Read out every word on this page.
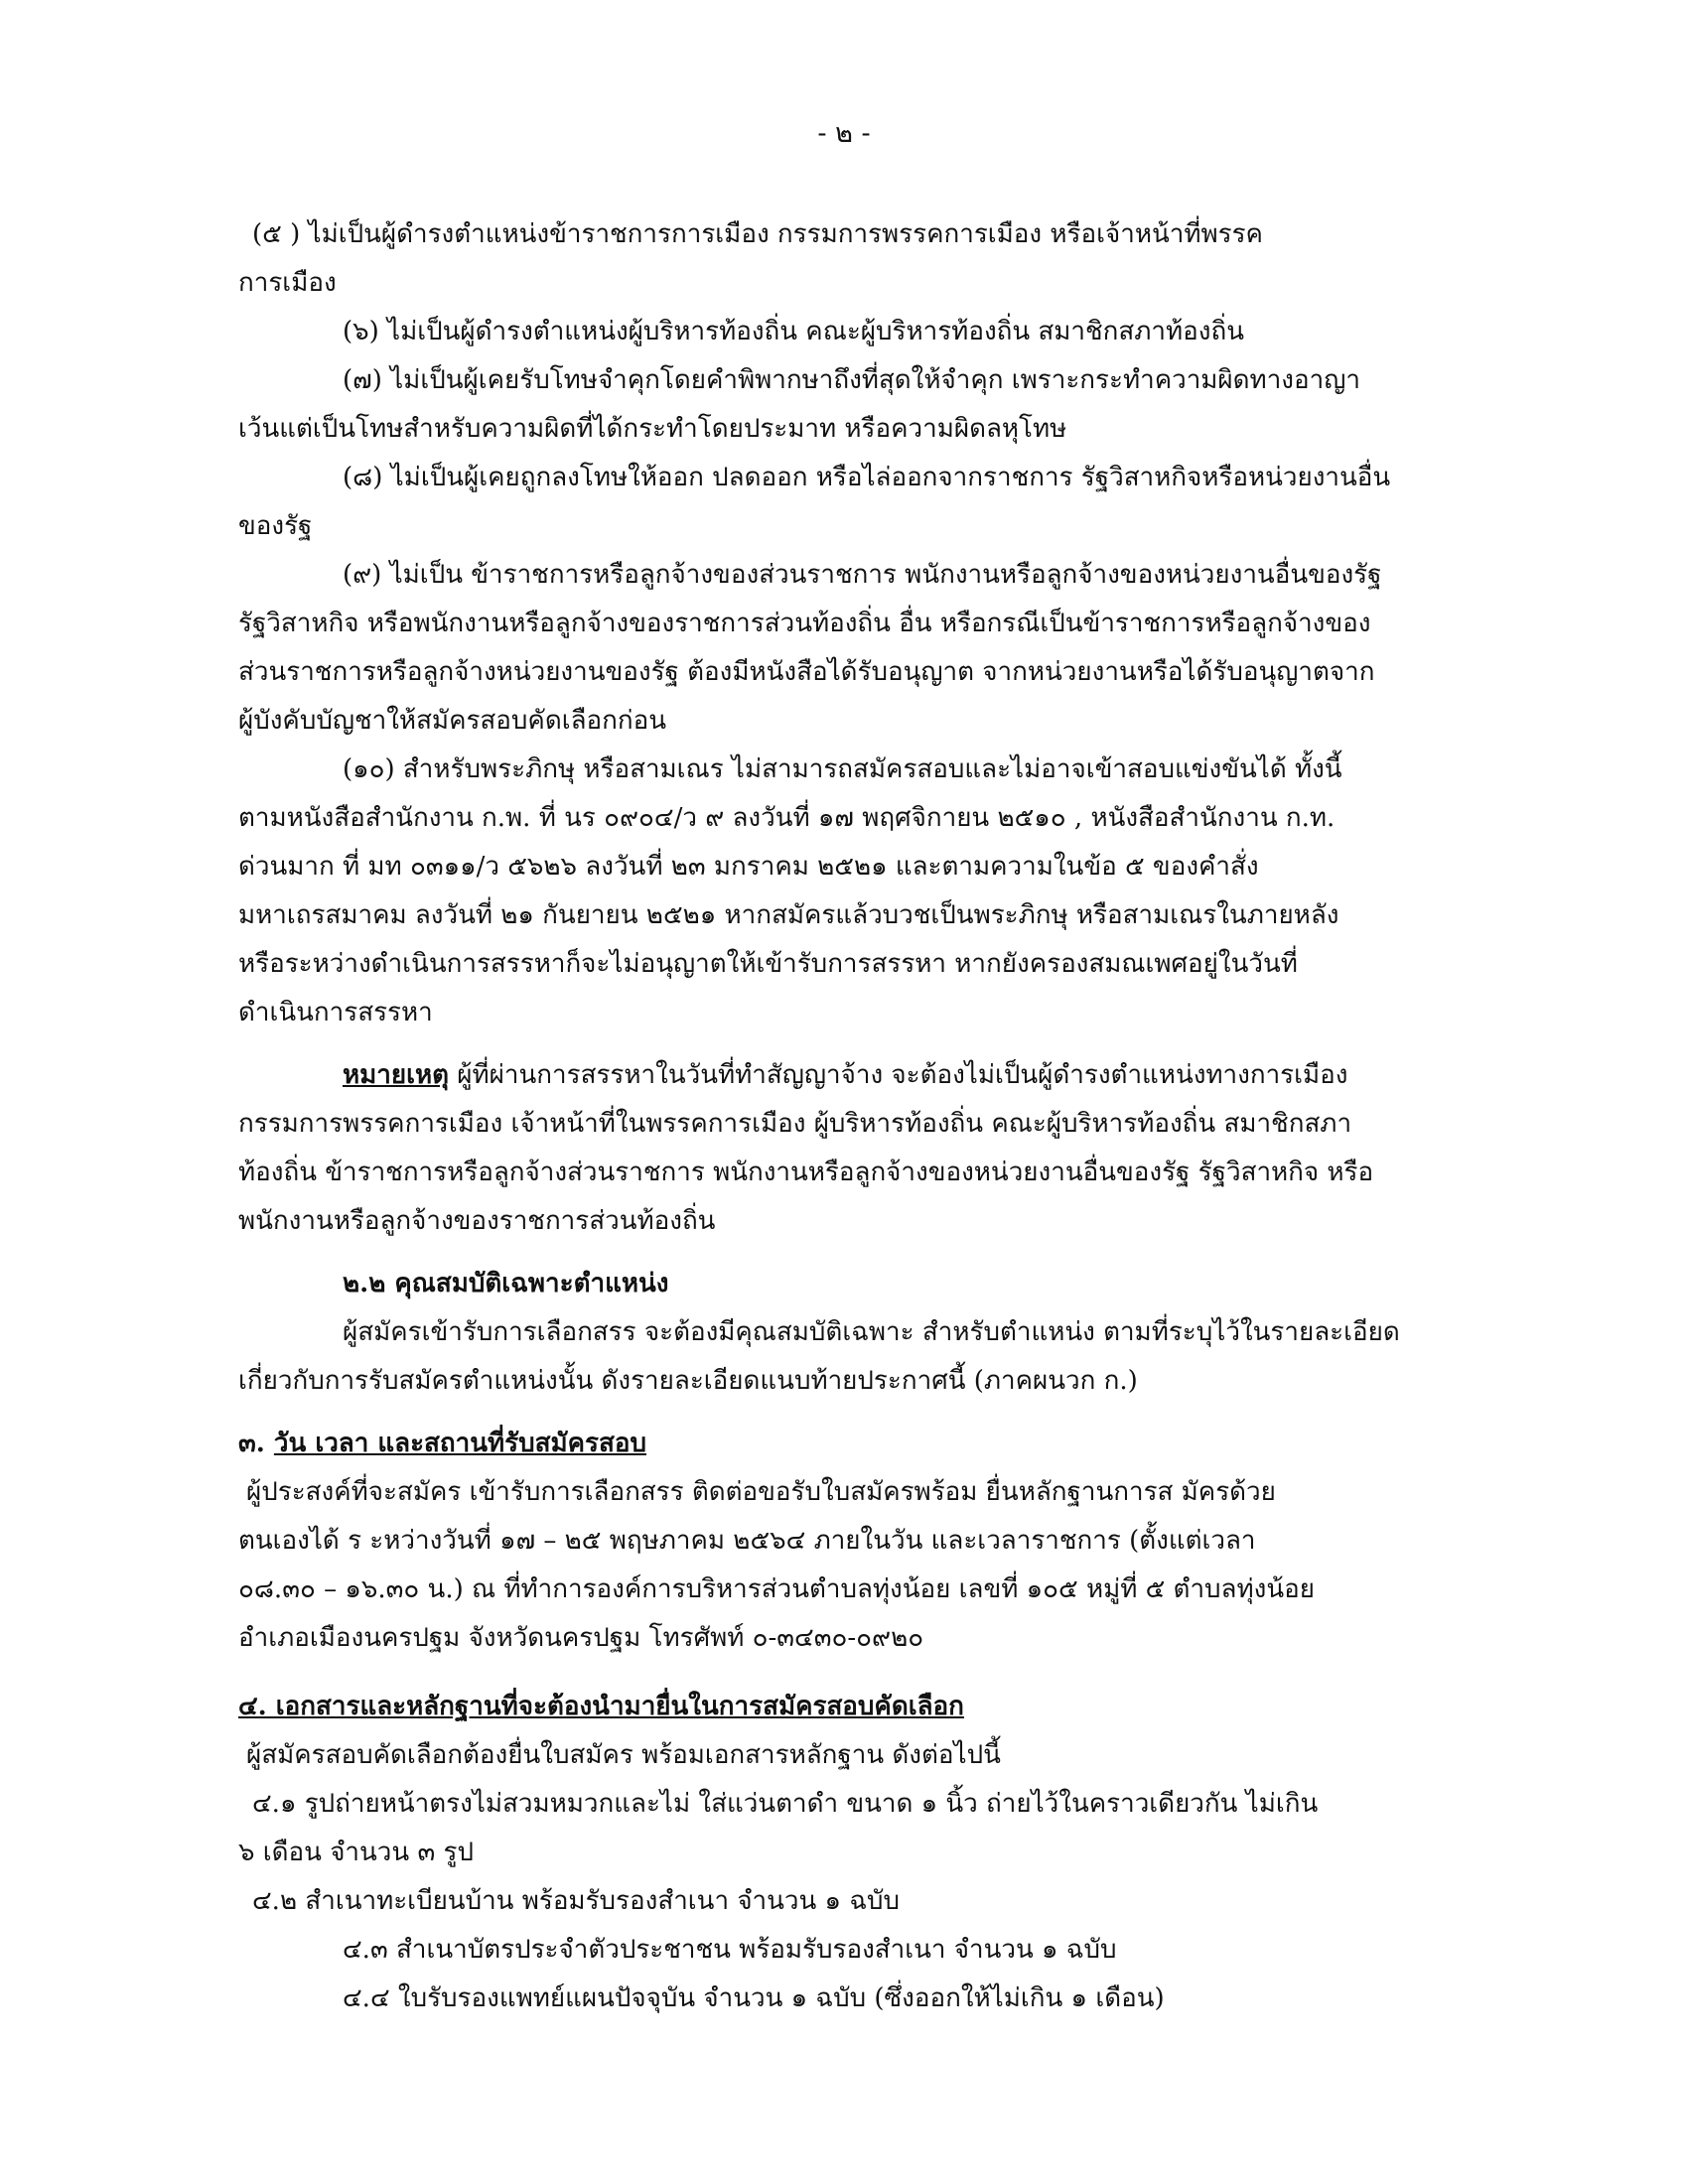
- ๒ -
(๕ ) ไม่เป็นผู้ดำรงตำแหน่งข้าราชการการเมือง กรรมการพรรคการเมือง หรือเจ้าหน้าที่พรรค
การเมือง
(๖) ไม่เป็นผู้ดำรงตำแหน่งผู้บริหารท้องถิ่น คณะผู้บริหารท้องถิ่น สมาชิกสภาท้องถิ่น
(๗) ไม่เป็นผู้เคยรับโทษจำคุกโดยคำพิพากษาถึงที่สุดให้จำคุก เพราะกระทำความผิดทางอาญา
เว้นแต่เป็นโทษสำหรับความผิดที่ได้กระทำโดยประมาท หรือความผิดลหุโทษ
(๘) ไม่เป็นผู้เคยถูกลงโทษให้ออก ปลดออก หรือไล่ออกจากราชการ รัฐวิสาหกิจหรือหน่วยงานอื่น
ของรัฐ
(๙) ไม่เป็น ข้าราชการหรือลูกจ้างของส่วนราชการ พนักงานหรือลูกจ้างของหน่วยงานอื่นของรัฐ
รัฐวิสาหกิจ หรือพนักงานหรือลูกจ้างของราชการส่วนท้องถิ่น อื่น หรือกรณีเป็นข้าราชการหรือลูกจ้างของ
ส่วนราชการหรือลูกจ้างหน่วยงานของรัฐ ต้องมีหนังสือได้รับอนุญาต จากหน่วยงานหรือได้รับอนุญาตจาก
ผู้บังคับบัญชาให้สมัครสอบคัดเลือกก่อน
(๑๐) สำหรับพระภิกษุ หรือสามเณร ไม่สามารถสมัครสอบและไม่อาจเข้าสอบแข่งขันได้ ทั้งนี้
ตามหนังสือสำนักงาน ก.พ. ที่ นร ๐๙๐๔/ว ๙ ลงวันที่ ๑๗ พฤศจิกายน ๒๕๑๐ , หนังสือสำนักงาน ก.ท.
ด่วนมาก ที่ มท ๐๓๑๑/ว ๕๖๒๖ ลงวันที่ ๒๓ มกราคม ๒๕๒๑ และตามความในข้อ ๕ ของคำสั่ง
มหาเถรสมาคม ลงวันที่ ๒๑ กันยายน ๒๕๒๑ หากสมัครแล้วบวชเป็นพระภิกษุ หรือสามเณรในภายหลัง
หรือระหว่างดำเนินการสรรหาก็จะไม่อนุญาตให้เข้ารับการสรรหา หากยังครองสมณเพศอยู่ในวันที่
ดำเนินการสรรหา
หมายเหตุ ผู้ที่ผ่านการสรรหาในวันที่ทำสัญญาจ้าง จะต้องไม่เป็นผู้ดำรงตำแหน่งทางการเมือง
กรรมการพรรคการเมือง เจ้าหน้าที่ในพรรคการเมือง ผู้บริหารท้องถิ่น คณะผู้บริหารท้องถิ่น สมาชิกสภา
ท้องถิ่น ข้าราชการหรือลูกจ้างส่วนราชการ พนักงานหรือลูกจ้างของหน่วยงานอื่นของรัฐ รัฐวิสาหกิจ หรือ
พนักงานหรือลูกจ้างของราชการส่วนท้องถิ่น
๒.๒ คุณสมบัติเฉพาะตำแหน่ง
ผู้สมัครเข้ารับการเลือกสรร จะต้องมีคุณสมบัติเฉพาะ สำหรับตำแหน่ง ตามที่ระบุไว้ในรายละเอียด
เกี่ยวกับการรับสมัครตำแหน่งนั้น ดังรายละเอียดแนบท้ายประกาศนี้ (ภาคผนวก ก.)
๓. วัน เวลา และสถานที่รับสมัครสอบ
ผู้ประสงค์ที่จะสมัคร เข้ารับการเลือกสรร ติดต่อขอรับใบสมัครพร้อม ยื่นหลักฐานการส มัครด้วย
ตนเองได้ ร ะหว่างวันที่ ๑๗ – ๒๕ พฤษภาคม ๒๕๖๔ ภายในวัน และเวลาราชการ (ตั้งแต่เวลา
๐๘.๓๐ – ๑๖.๓๐ น.) ณ ที่ทำการองค์การบริหารส่วนตำบลทุ่งน้อย เลขที่ ๑๐๕ หมู่ที่ ๕ ตำบลทุ่งน้อย
อำเภอเมืองนครปฐม จังหวัดนครปฐม โทรศัพท์ ๐-๓๔๓๐-๐๙๒๐
๔. เอกสารและหลักฐานที่จะต้องนำมายื่นในการสมัครสอบคัดเลือก
ผู้สมัครสอบคัดเลือกต้องยื่นใบสมัคร พร้อมเอกสารหลักฐาน ดังต่อไปนี้
๔.๑ รูปถ่ายหน้าตรงไม่สวมหมวกและไม่ ใส่แว่นตาดำ ขนาด ๑ นิ้ว ถ่ายไว้ในคราวเดียวกัน ไม่เกิน
๖ เดือน จำนวน ๓ รูป
๔.๒ สำเนาทะเบียนบ้าน พร้อมรับรองสำเนา จำนวน ๑ ฉบับ
๔.๓ สำเนาบัตรประจำตัวประชาชน พร้อมรับรองสำเนา จำนวน ๑ ฉบับ
๔.๔ ใบรับรองแพทย์แผนปัจจุบัน จำนวน ๑ ฉบับ (ซึ่งออกให้ไม่เกิน ๑ เดือน)
